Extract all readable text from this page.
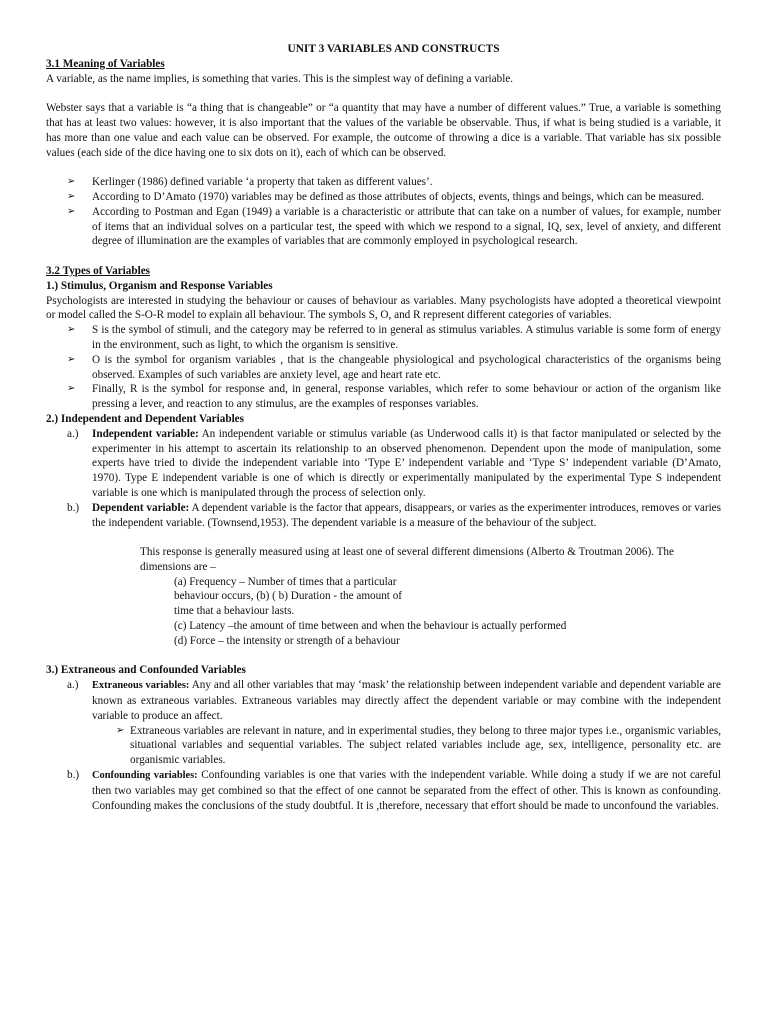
UNIT 3 VARIABLES AND CONSTRUCTS

3.1 Meaning of Variables

A variable, as the name implies, is something that varies. This is the simplest way of defining a variable.

Webster says that a variable is “a thing that is changeable” or “a quantity that may have a number of different values.” True, a variable is something that has at least two values: however, it is also important that the values of the variable be observable. Thus, if what is being studied is a variable, it has more than one value and each value can be observed. For example, the outcome of throwing a dice is a variable. That variable has six possible values (each side of the dice having one to six dots on it), each of which can be observed.

➢ Kerlinger (1986) defined variable ‘a property that taken as different values’.
➢ According to D’Amato (1970) variables may be defined as those attributes of objects, events, things and beings, which can be measured.
➢ According to Postman and Egan (1949) a variable is a characteristic or attribute that can take on a number of values, for example, number of items that an individual solves on a particular test, the speed with which we respond to a signal, IQ, sex, level of anxiety, and different degree of illumination are the examples of variables that are commonly employed in psychological research.

3.2 Types of Variables

1.) Stimulus, Organism and Response Variables

Psychologists are interested in studying the behaviour or causes of behaviour as variables. Many psychologists have adopted a theoretical viewpoint or model called the S-O-R model to explain all behaviour. The symbols S, O, and R represent different categories of variables.

➢ S is the symbol of stimuli, and the category may be referred to in general as stimulus variables. A stimulus variable is some form of energy in the environment, such as light, to which the organism is sensitive.
➢ O is the symbol for organism variables , that is the changeable physiological and psychological characteristics of the organisms being observed. Examples of such variables are anxiety level, age and heart rate etc.
➢ Finally, R is the symbol for response and, in general, response variables, which refer to some behaviour or action of the organism like pressing a lever, and reaction to any stimulus, are the examples of responses variables.

2.) Independent and Dependent Variables

a.) Independent variable: An independent variable or stimulus variable (as Underwood calls it) is that factor manipulated or selected by the experimenter in his attempt to ascertain its relationship to an observed phenomenon. Dependent upon the mode of manipulation, some experts have tried to divide the independent variable into ‘Type E’ independent variable and ‘Type S’ independent variable (D’Amato, 1970). Type E independent variable is one of which is directly or experimentally manipulated by the experimental Type S independent variable is one which is manipulated through the process of selection only.
b.) Dependent variable: A dependent variable is the factor that appears, disappears, or varies as the experimenter introduces, removes or varies the independent variable. (Townsend,1953). The dependent variable is a measure of the behaviour of the subject.

This response is generally measured using at least one of several different dimensions (Alberto & Troutman 2006). The dimensions are –

(a) Frequency – Number of times that a particular

behaviour occurs, (b) ( b) Duration - the amount of

time that a behaviour lasts.

(c) Latency –the amount of time between and when the behaviour is actually performed

(d) Force – the intensity or strength of a behaviour

3.) Extraneous and Confounded Variables

a.) Extraneous variables: Any and all other variables that may ‘mask’ the relationship between independent variable and dependent variable are known as extraneous variables. Extraneous variables may directly affect the dependent variable or may combine with the independent variable to produce an affect.

➢ Extraneous variables are relevant in nature, and in experimental studies, they belong to three major types i.e., organismic variables, situational variables and sequential variables. The subject related variables include age, sex, intelligence, personality etc. are organismic variables.

b.) Confounding variables: Confounding variables is one that varies with the independent variable. While doing a study if we are not careful then two variables may get combined so that the effect of one cannot be separated from the effect of other. This is known as confounding. Confounding makes the conclusions of the study doubtful. It is ,therefore, necessary that effort should be made to unconfound the variables.
